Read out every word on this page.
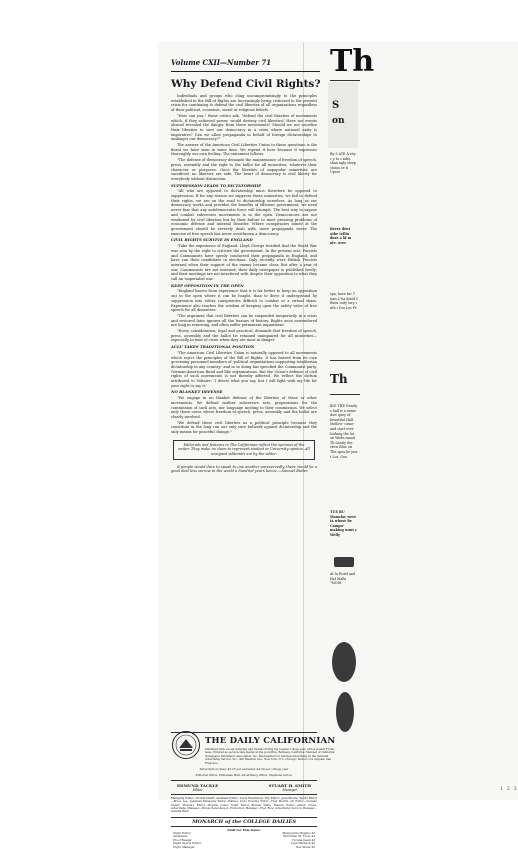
Volume CXII—Number 71
Why Defend Civil Rights?

Individuals and groups who cling uncompromisingly to the principles established in the Bill of Rights are increasingly being criticized in the present crisis for continuing to defend the civil liberties of all organizations regardless of their political, economic, social or religious beliefs.

"How can you," these critics ask, "defend the civil liberties of movements which, if they achieved power, would destroy civil liberties? Have not events abroad revealed the danger from these movements? Should we not sacrifice their liberties to save our democracy in a crisis where national unity is imperative? Can we allow propaganda in behalf of foreign dictatorships to endanger our democracy?"

The answer of the American Civil Liberties Union to these questions is the finest we have seen in some time. We reprint it here because it expresses thoroughly our own feeling. The statement follows:

"The defense of democracy demands the maintenance of freedom of speech, press, assembly and the right to the ballot for all minorities, whatever their character or purposes. Once the liberties of unpopular minorities are sacrificed, no liberties are safe. The heart of democracy is civil liberty for everybody without distinction.

SUPPRESSION LEADS TO DICTATORSHIP

"All who are opposed to dictatorship must therefore be opposed to suppression. If for any reason we suppress these minorities, we fail to defend their rights, we are on the road to dictatorship ourselves. As long as our democracy works and provides the benefits of efficient government, we need never fear that any antidemocratic force will triumph. The best way to expose and combat subversive movements is in the open. Democracies are not weakened by civil liberties but by their failure to meet pressing problems of economic defense and internal disorder. Where conspiracies aimed at the government should be severely dealt with, mere propaganda never. The exercise of free speech has never overthrown a democracy.

CIVIL RIGHTS SURVIVE IN ENGLAND

"Take the experience of England. Lloyd George testified that the World War was won by the right to criticize the government. In the present war, Fascists and Communists have openly conducted their propaganda in England, and have run their candidates in elections. Only recently were British Fascists interned when their support of the enemy became clear. But after a year of war, Communists are not interned; their daily newspaper is published freely; and their meetings are not interfered with despite their opposition to what they call an 'imperialist war.'

KEEP OPPOSITION IN THE OPEN

"England knows from experience that it is far better to keep an opposition out in the open where it can be fought, than to drive it underground by suppression into either conspiracies difficult to combat or a virtual sham. Experience also teaches the wisdom of keeping open the safety valve of free speech for all dissenters.

"The argument that civil liberties can be suspended temporarily in a crisis and restored later ignores all the lessons of history. Rights once surrendered are long in returning, and often suffer permanent impairment.

"Every consideration, legal and practical, demands that freedom of speech, press, assembly and the ballot be retained unimpaired for all minorities—especially in time of crisis when they are most in danger.

ACLU TAKES TRADITIONAL POSITION

"The American Civil Liberties Union is naturally opposed to all movements which reject the principles of the Bill of Rights. It has barred from its own governing personnel members of 'political organizations supporting totalitarian dictatorship in any country,' and in so doing has specified the Communist party, German-American Bund and like organizations. But the Union's defense of civil rights of such movements is not thereby affected. We reflect the dictum attributed to Voltaire: 'I detest what you say, but I will fight with my life for your right to say it.'

NO BLANKET DEFENSE

"We engage in no blanket defense of the liberties of these or other movements. We defend neither subversive acts, preparations for the commission of such acts, nor language inciting to their commission. We select only those cases where freedom of speech, press, assembly and the ballot are clearly involved.

"We defend these civil liberties as a political principle because they constitute in the long run our only sure bulwark against dictatorship and the only means for peaceful change."

Editorials and features in The Californian reflect the opinions of the writer. They make no claim to represent student or University opinion. All unsigned editorials are by the editor.

It people would dare to speak to one another unreservedly, there would be a good deal less sorrow in the world a hundred years hence.—Samuel Butler.

THE DAILY CALIFORNIAN
Published daily except Saturday and Sunday during the regular college year, with a weekly Friday issue. Entered as second-class matter at the postoffice, Berkeley, California. Member of California Newspaper Publishers' Association, Inc. Represented for national advertising by the National Advertising Service, Inc., 420 Madison Ave., New York, N.Y.; Chicago; Boston; Los Angeles; San Francisco.
Subscription rates: $2.25 per semester, $4.50 per college year
Editorial Office: Eshleman Hall. Advertising Office: Stephens Union.
EDMUND TACKLE
Editor
STUART H. SMITH
Manager
Managing Editor—Norval Stuart; Assistant Editor—Lucie Henderson; City Editor—Joan Brodie; Sports Editor—Bruce Lee. Assistant Managing Editor—Wallace Aron; Evening Editor—Fred Merrill; Art Editor—Norman Stuart; Women's Editor—Virginia Jones; Night Editor—Russell Wells; Feature Editor—Arthur Crane. Advertising Manager—Wrede Petersmeyer; Production Manager—Fred Rice; Advertising Service Manager—Isabella Back.
MONARCH of the COLLEGE DAILIES
Staff for This Issue:
Night Editor	Marguerite Higgins 43
Assistants	McCrimm M, Trout 43
Proof Reader	Yvonne Dean 43
Night Sports Editor	Jean Harbeck 43
Night Manager	Rex Stoke 43
1 2 3
Th
S
on
By S ATE A rity c y to c ndin shan ngly sleep cision ce ti Upset
Bever dent othe tellin dose a ld m ate. over
spa, have fac T ions L-ha ilized f fluen rsity tory i uth i You Les Fe
Th
BIG THE Nearly s hall is a some-dow quey of beautiful Hall. Mellow- come-and start ever looking the lat on Wedn mand Th Sanity the crow Blue on The spea be just t Los. Gea
TUE BU Manufac were ta whose fie Campu- making want c Welly
At la Hotel and Hal Malla "MOIS
